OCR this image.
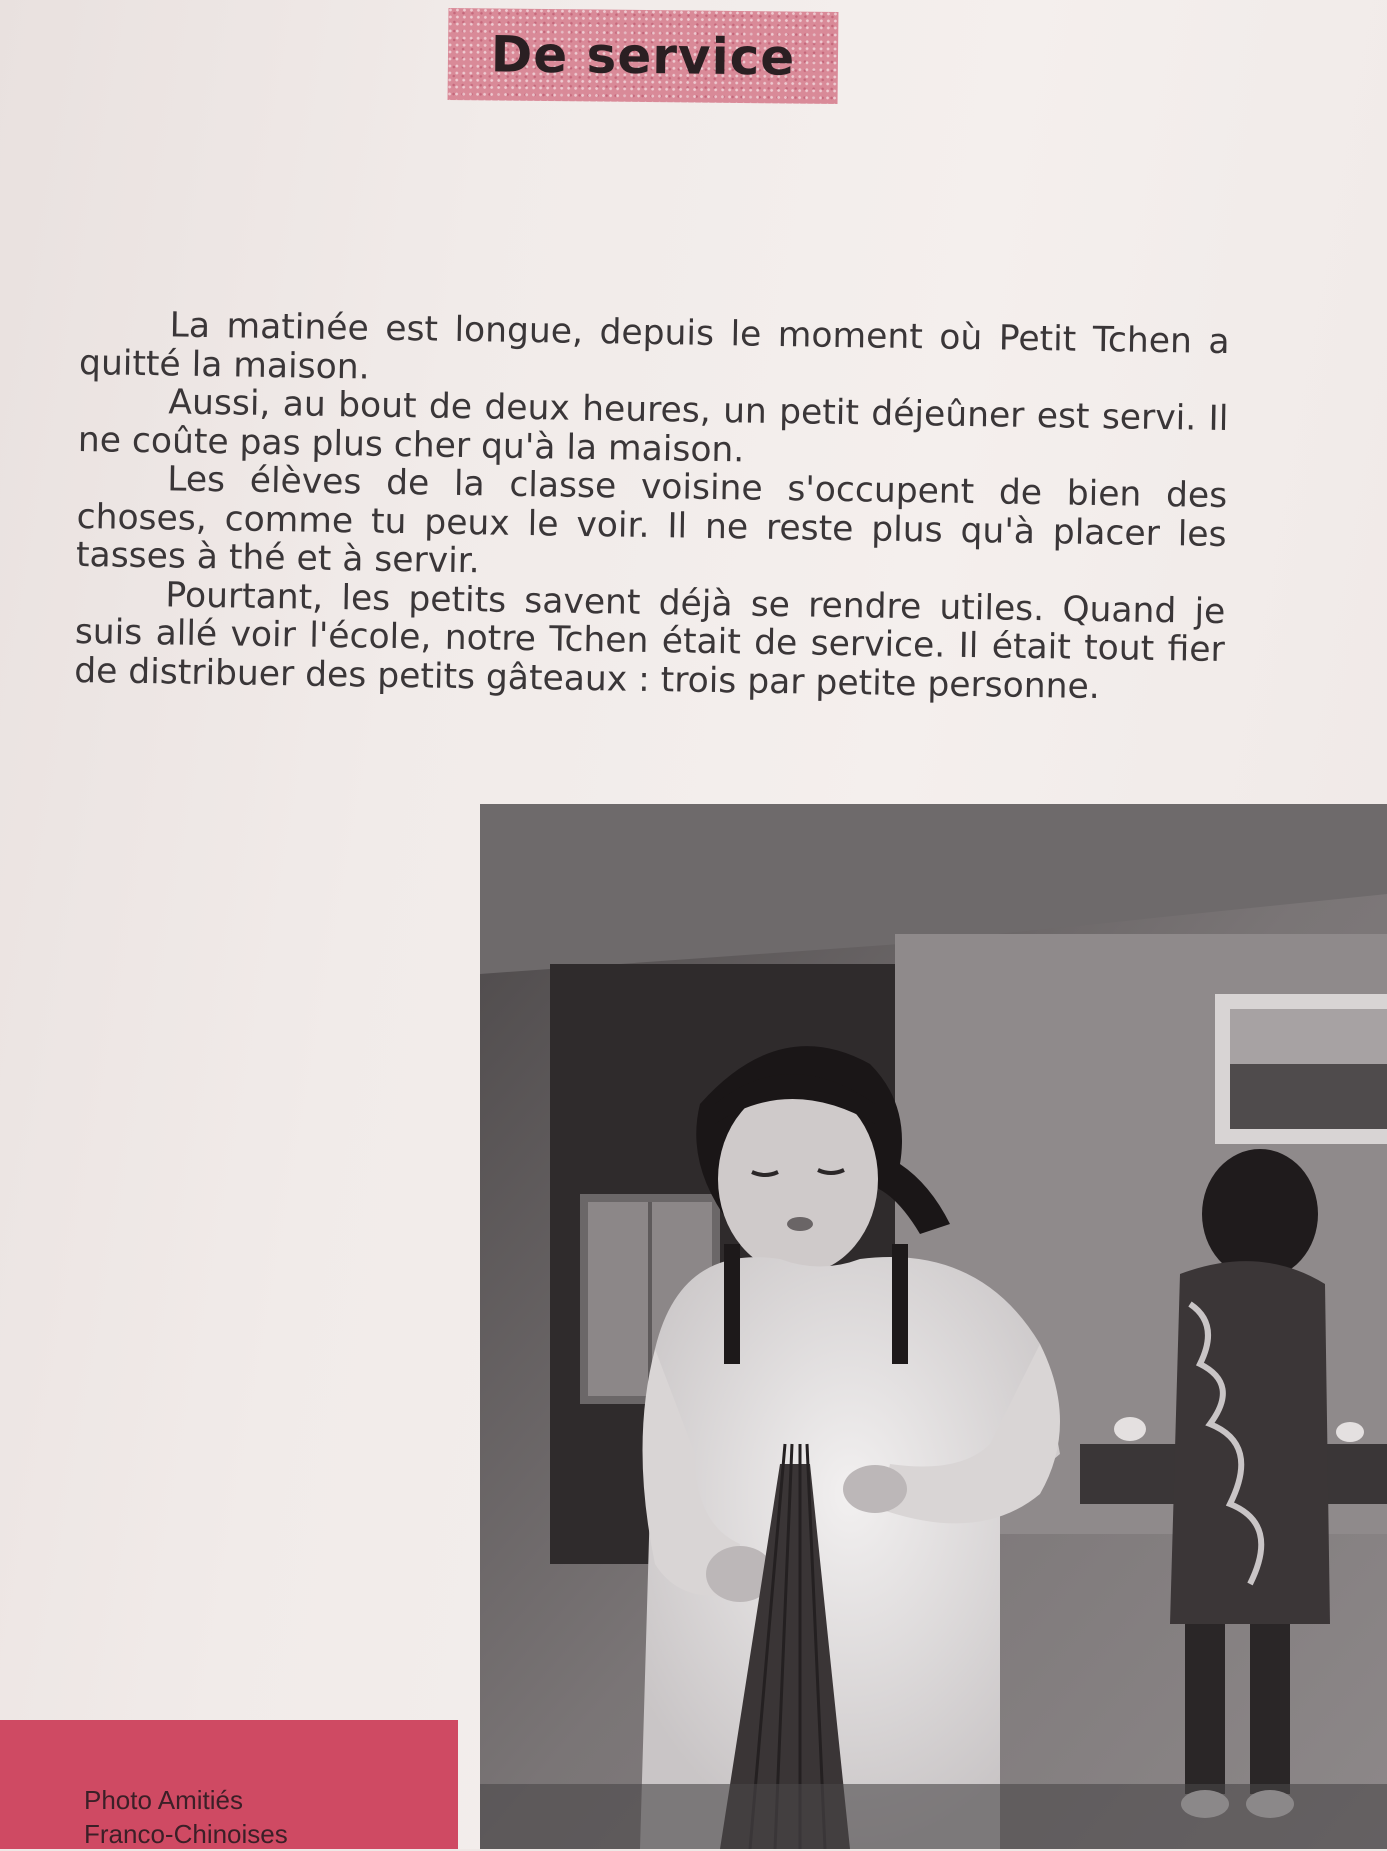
De service

La matinée est longue, depuis le moment où Petit Tchen a quitté la maison.

Aussi, au bout de deux heures, un petit déjeûner est servi. Il ne coûte pas plus cher qu'à la maison.

Les élèves de la classe voisine s'occupent de bien des choses, comme tu peux le voir. Il ne reste plus qu'à placer les tasses à thé et à servir.

Pourtant, les petits savent déjà se rendre utiles. Quand je suis allé voir l'école, notre Tchen était de service. Il était tout fier de distribuer des petits gâteaux : trois par petite personne.

Photo Amitiés
Franco-Chinoises
